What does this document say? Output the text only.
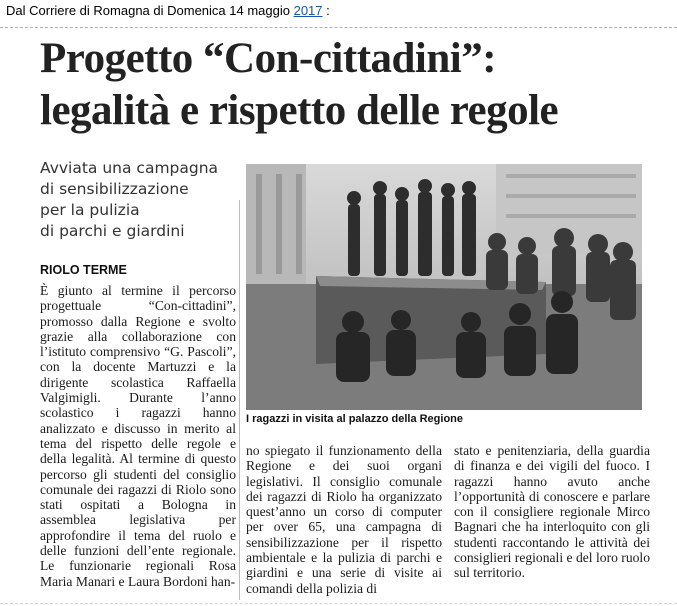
Dal Corriere di Romagna di Domenica 14 maggio 2017 :
Progetto “Con-cittadini”:
legalità e rispetto delle regole
Avviata una campagna
di sensibilizzazione
per la pulizia
di parchi e giardini
RIOLO TERME
È giunto al termine il percorso progettuale “Con-cittadini”, promosso dalla Regione e svolto grazie alla collaborazione con l’istituto comprensivo “G. Pascoli”, con la docente Martuzzi e la dirigente scolastica Raffaella Valgimigli. Durante l’anno scolastico i ragazzi hanno analizzato e discusso in merito al tema del rispetto delle regole e della legalità. Al termine di questo percorso gli studenti del consiglio comunale dei ragazzi di Riolo sono stati ospitati a Bologna in assemblea legislativa per approfondire il tema del ruolo e delle funzioni dell’ente regionale. Le funzionarie regionali Rosa Maria Manari e Laura Bordoni han-
I ragazzi in visita al palazzo della Regione
no spiegato il funzionamento della Regione e dei suoi organi legislativi. Il consiglio comunale dei ragazzi di Riolo ha organizzato quest’anno un corso di computer per over 65, una campagna di sensibilizzazione per il rispetto ambientale e la pulizia di parchi e giardini e una serie di visite ai comandi della polizia di
stato e penitenziaria, della guardia di finanza e dei vigili del fuoco. I ragazzi hanno avuto anche l’opportunità di conoscere e parlare con il consigliere regionale Mirco Bagnari che ha interloquito con gli studenti raccontando le attività dei consiglieri regionali e del loro ruolo sul territorio.
